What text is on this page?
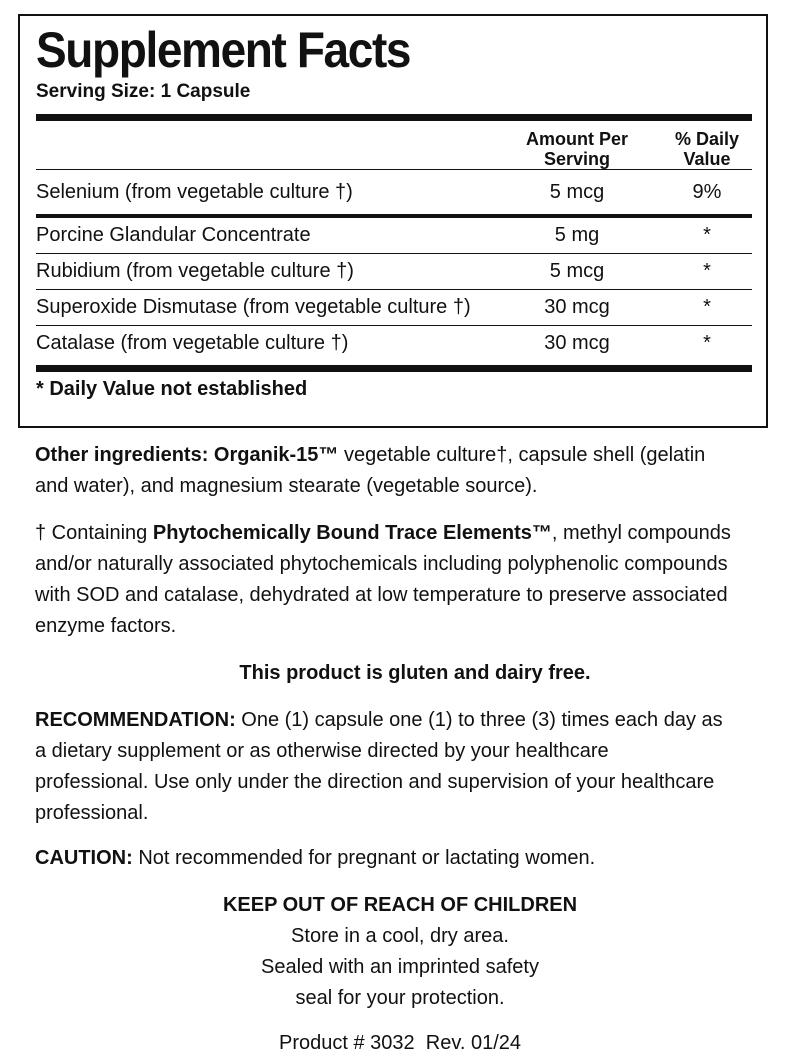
Supplement Facts
Serving Size: 1 Capsule
Amount Per
Serving
% Daily
Value
Selenium (from vegetable culture †)	5 mcg	9%
Porcine Glandular Concentrate	5 mg	*
Rubidium (from vegetable culture †)	5 mcg	*
Superoxide Dismutase (from vegetable culture †)	30 mcg	*
Catalase (from vegetable culture †)	30 mcg	*
* Daily Value not established
Other ingredients: Organik-15™ vegetable culture†, capsule shell (gelatin
and water), and magnesium stearate (vegetable source).
† Containing Phytochemically Bound Trace Elements™, methyl compounds
and/or naturally associated phytochemicals including polyphenolic compounds
with SOD and catalase, dehydrated at low temperature to preserve associated
enzyme factors.
This product is gluten and dairy free.
RECOMMENDATION: One (1) capsule one (1) to three (3) times each day as
a dietary supplement or as otherwise directed by your healthcare
professional. Use only under the direction and supervision of your healthcare
professional.
CAUTION: Not recommended for pregnant or lactating women.
KEEP OUT OF REACH OF CHILDREN
Store in a cool, dry area.
Sealed with an imprinted safety
seal for your protection.
Product # 3032  Rev. 01/24
